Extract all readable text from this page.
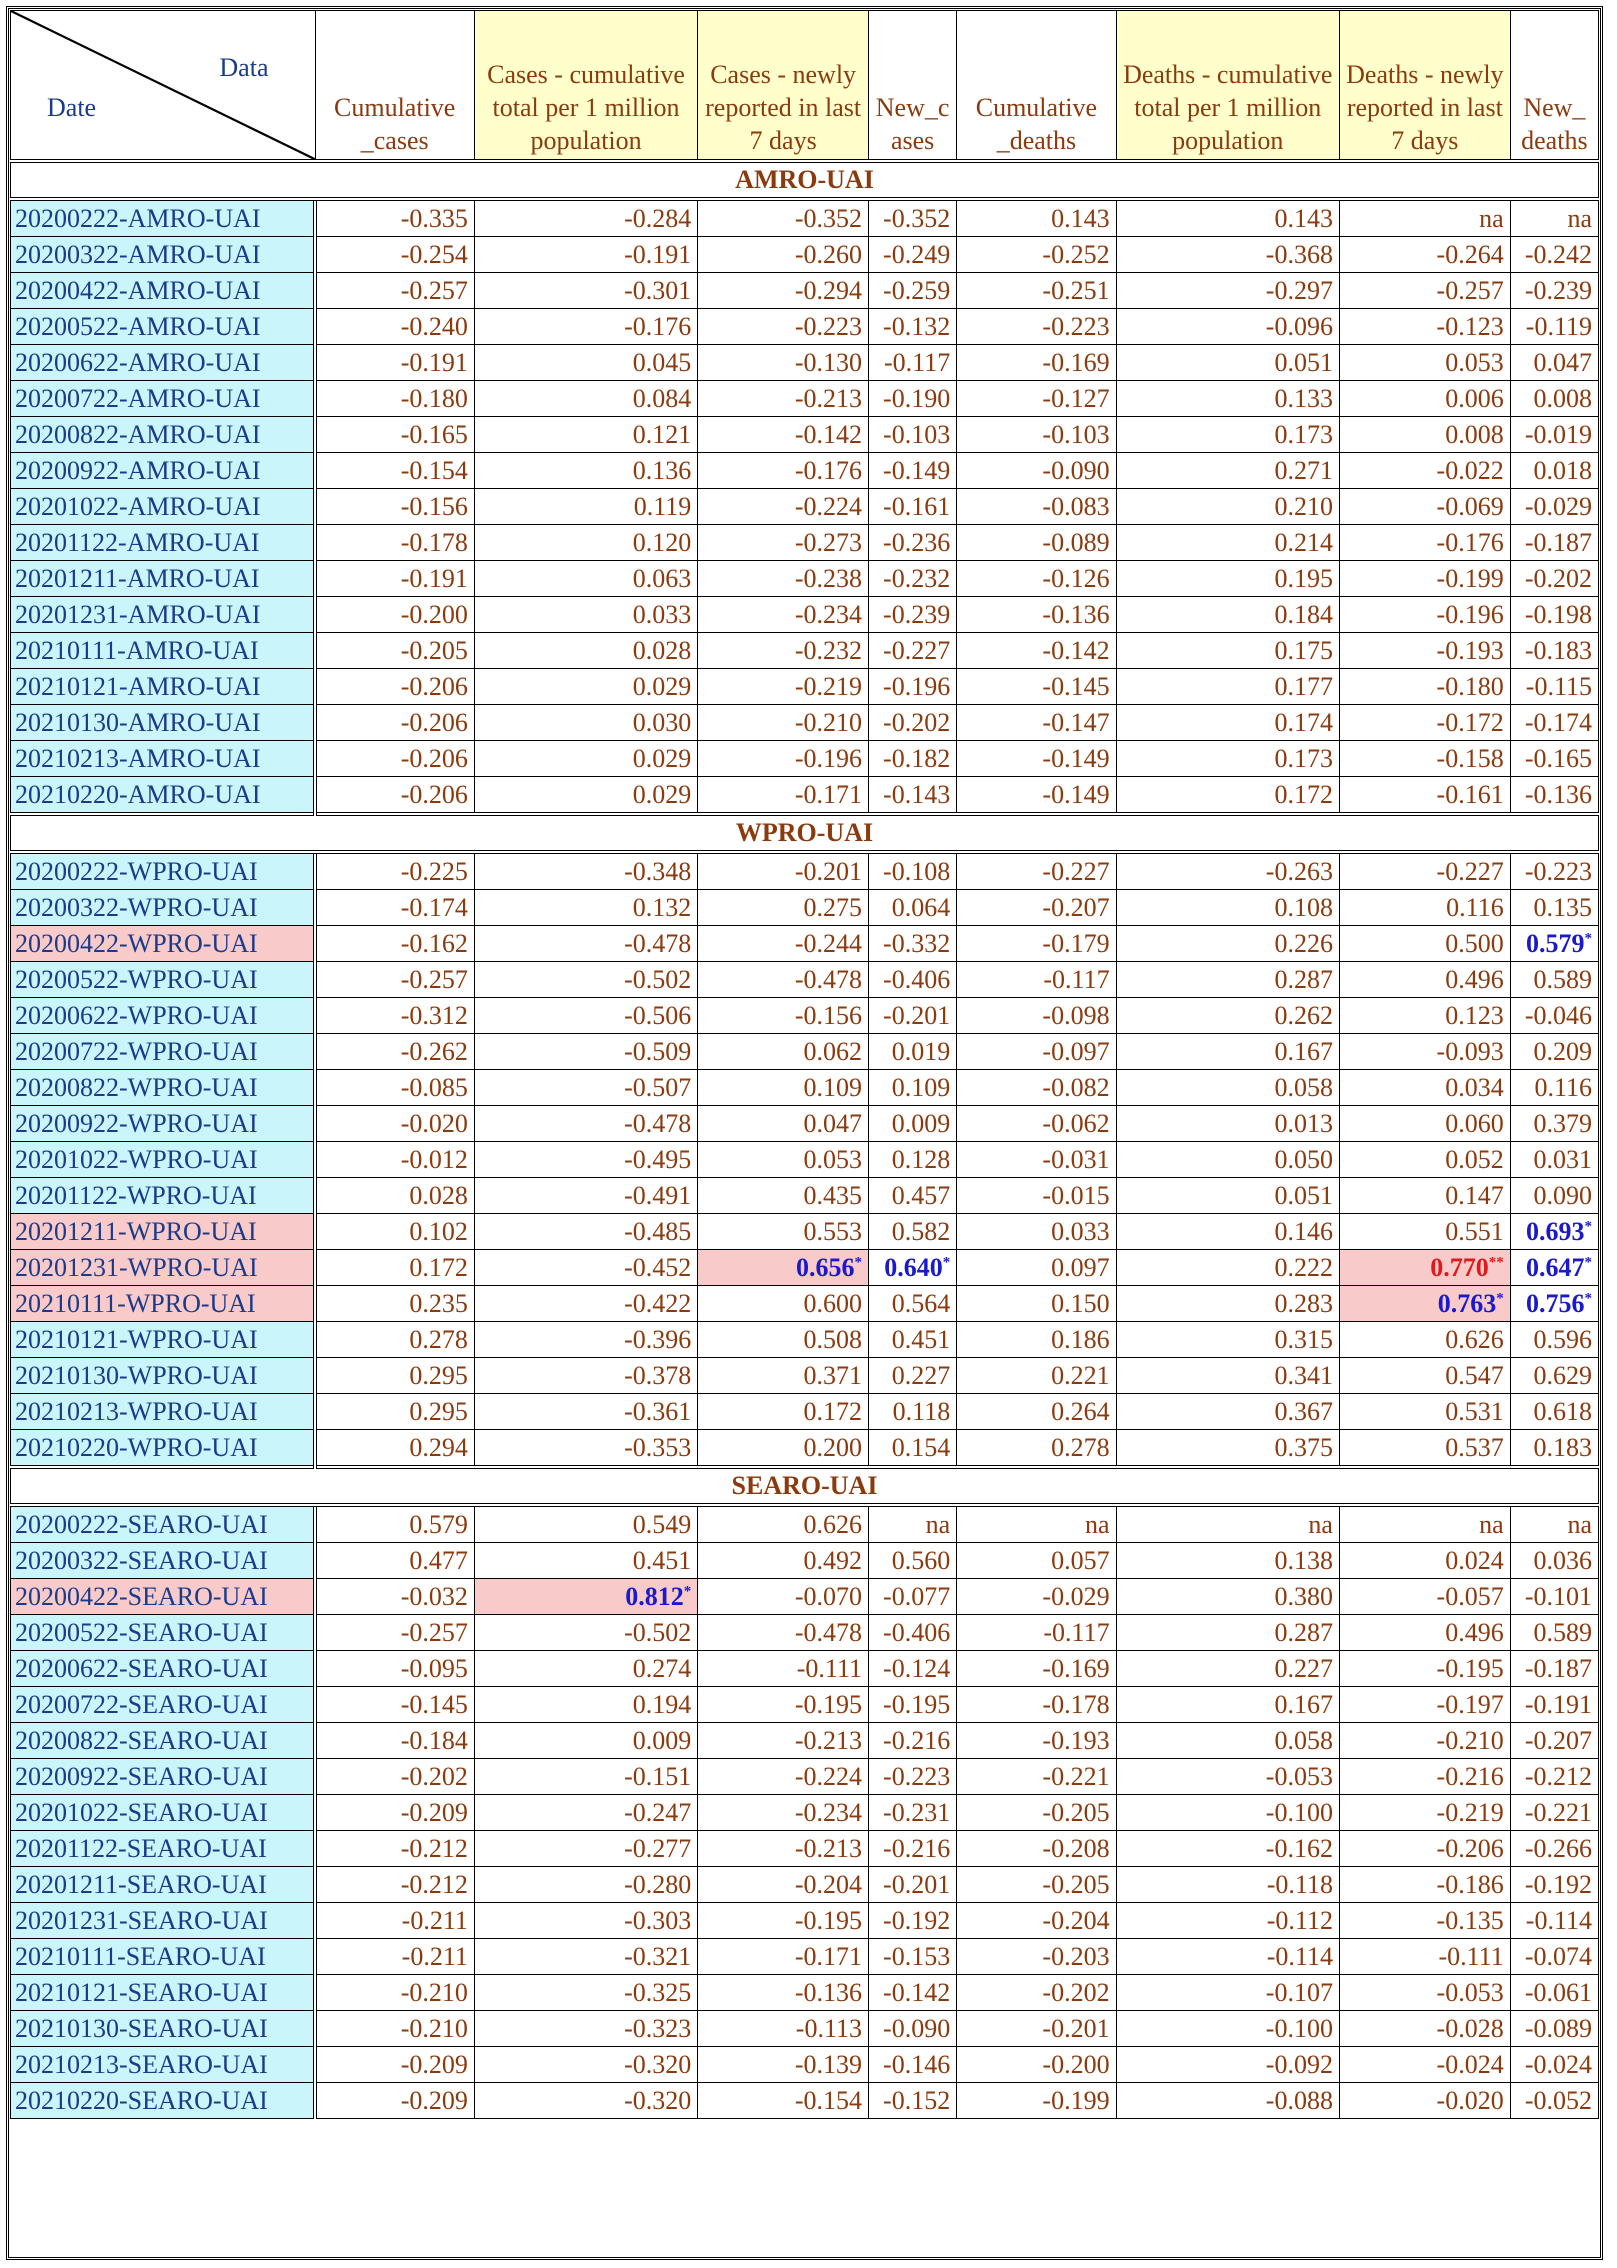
Data
Date	Cumulative _cases	Cases - cumulative total per 1 million population	Cases - newly reported in last 7 days	New_c ases	Cumulative _deaths	Deaths - cumulative total per 1 million population	Deaths - newly reported in last 7 days	New_ deaths
AMRO-UAI								
20200222-AMRO-UAI	-0.335	-0.284	-0.352	-0.352	0.143	0.143	na	na
20200322-AMRO-UAI	-0.254	-0.191	-0.260	-0.249	-0.252	-0.368	-0.264	-0.242
20200422-AMRO-UAI	-0.257	-0.301	-0.294	-0.259	-0.251	-0.297	-0.257	-0.239
20200522-AMRO-UAI	-0.240	-0.176	-0.223	-0.132	-0.223	-0.096	-0.123	-0.119
20200622-AMRO-UAI	-0.191	0.045	-0.130	-0.117	-0.169	0.051	0.053	0.047
20200722-AMRO-UAI	-0.180	0.084	-0.213	-0.190	-0.127	0.133	0.006	0.008
20200822-AMRO-UAI	-0.165	0.121	-0.142	-0.103	-0.103	0.173	0.008	-0.019
20200922-AMRO-UAI	-0.154	0.136	-0.176	-0.149	-0.090	0.271	-0.022	0.018
20201022-AMRO-UAI	-0.156	0.119	-0.224	-0.161	-0.083	0.210	-0.069	-0.029
20201122-AMRO-UAI	-0.178	0.120	-0.273	-0.236	-0.089	0.214	-0.176	-0.187
20201211-AMRO-UAI	-0.191	0.063	-0.238	-0.232	-0.126	0.195	-0.199	-0.202
20201231-AMRO-UAI	-0.200	0.033	-0.234	-0.239	-0.136	0.184	-0.196	-0.198
20210111-AMRO-UAI	-0.205	0.028	-0.232	-0.227	-0.142	0.175	-0.193	-0.183
20210121-AMRO-UAI	-0.206	0.029	-0.219	-0.196	-0.145	0.177	-0.180	-0.115
20210130-AMRO-UAI	-0.206	0.030	-0.210	-0.202	-0.147	0.174	-0.172	-0.174
20210213-AMRO-UAI	-0.206	0.029	-0.196	-0.182	-0.149	0.173	-0.158	-0.165
20210220-AMRO-UAI	-0.206	0.029	-0.171	-0.143	-0.149	0.172	-0.161	-0.136
WPRO-UAI								
20200222-WPRO-UAI	-0.225	-0.348	-0.201	-0.108	-0.227	-0.263	-0.227	-0.223
20200322-WPRO-UAI	-0.174	0.132	0.275	0.064	-0.207	0.108	0.116	0.135
20200422-WPRO-UAI	-0.162	-0.478	-0.244	-0.332	-0.179	0.226	0.500	0.579*
20200522-WPRO-UAI	-0.257	-0.502	-0.478	-0.406	-0.117	0.287	0.496	0.589
20200622-WPRO-UAI	-0.312	-0.506	-0.156	-0.201	-0.098	0.262	0.123	-0.046
20200722-WPRO-UAI	-0.262	-0.509	0.062	0.019	-0.097	0.167	-0.093	0.209
20200822-WPRO-UAI	-0.085	-0.507	0.109	0.109	-0.082	0.058	0.034	0.116
20200922-WPRO-UAI	-0.020	-0.478	0.047	0.009	-0.062	0.013	0.060	0.379
20201022-WPRO-UAI	-0.012	-0.495	0.053	0.128	-0.031	0.050	0.052	0.031
20201122-WPRO-UAI	0.028	-0.491	0.435	0.457	-0.015	0.051	0.147	0.090
20201211-WPRO-UAI	0.102	-0.485	0.553	0.582	0.033	0.146	0.551	0.693*
20201231-WPRO-UAI	0.172	-0.452	0.656*	0.640*	0.097	0.222	0.770**	0.647*
20210111-WPRO-UAI	0.235	-0.422	0.600	0.564	0.150	0.283	0.763*	0.756*
20210121-WPRO-UAI	0.278	-0.396	0.508	0.451	0.186	0.315	0.626	0.596
20210130-WPRO-UAI	0.295	-0.378	0.371	0.227	0.221	0.341	0.547	0.629
20210213-WPRO-UAI	0.295	-0.361	0.172	0.118	0.264	0.367	0.531	0.618
20210220-WPRO-UAI	0.294	-0.353	0.200	0.154	0.278	0.375	0.537	0.183
SEARO-UAI								
20200222-SEARO-UAI	0.579	0.549	0.626	na	na	na	na	na
20200322-SEARO-UAI	0.477	0.451	0.492	0.560	0.057	0.138	0.024	0.036
20200422-SEARO-UAI	-0.032	0.812*	-0.070	-0.077	-0.029	0.380	-0.057	-0.101
20200522-SEARO-UAI	-0.257	-0.502	-0.478	-0.406	-0.117	0.287	0.496	0.589
20200622-SEARO-UAI	-0.095	0.274	-0.111	-0.124	-0.169	0.227	-0.195	-0.187
20200722-SEARO-UAI	-0.145	0.194	-0.195	-0.195	-0.178	0.167	-0.197	-0.191
20200822-SEARO-UAI	-0.184	0.009	-0.213	-0.216	-0.193	0.058	-0.210	-0.207
20200922-SEARO-UAI	-0.202	-0.151	-0.224	-0.223	-0.221	-0.053	-0.216	-0.212
20201022-SEARO-UAI	-0.209	-0.247	-0.234	-0.231	-0.205	-0.100	-0.219	-0.221
20201122-SEARO-UAI	-0.212	-0.277	-0.213	-0.216	-0.208	-0.162	-0.206	-0.266
20201211-SEARO-UAI	-0.212	-0.280	-0.204	-0.201	-0.205	-0.118	-0.186	-0.192
20201231-SEARO-UAI	-0.211	-0.303	-0.195	-0.192	-0.204	-0.112	-0.135	-0.114
20210111-SEARO-UAI	-0.211	-0.321	-0.171	-0.153	-0.203	-0.114	-0.111	-0.074
20210121-SEARO-UAI	-0.210	-0.325	-0.136	-0.142	-0.202	-0.107	-0.053	-0.061
20210130-SEARO-UAI	-0.210	-0.323	-0.113	-0.090	-0.201	-0.100	-0.028	-0.089
20210213-SEARO-UAI	-0.209	-0.320	-0.139	-0.146	-0.200	-0.092	-0.024	-0.024
20210220-SEARO-UAI	-0.209	-0.320	-0.154	-0.152	-0.199	-0.088	-0.020	-0.052
